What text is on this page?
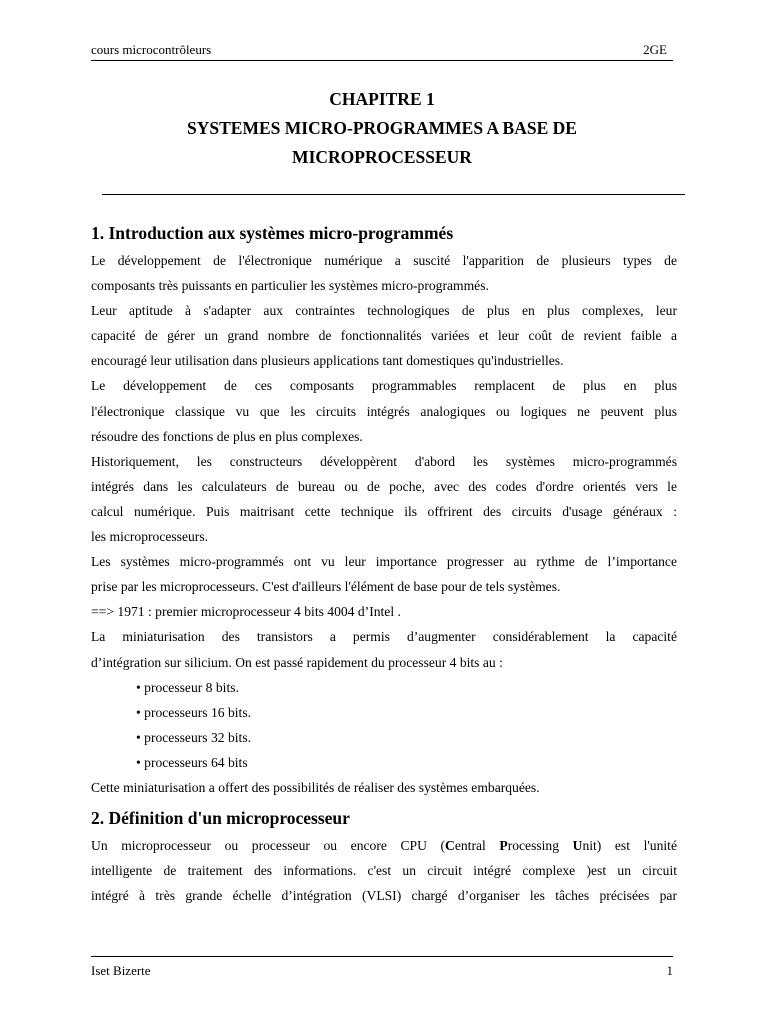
cours microcontrôleurs	2GE
CHAPITRE 1
SYSTEMES MICRO-PROGRAMMES A BASE DE
MICROPROCESSEUR
1. Introduction aux systèmes micro-programmés
Le développement de l'électronique numérique a suscité l'apparition de plusieurs types de
composants très puissants en particulier les systèmes micro-programmés.
Leur aptitude à s'adapter aux contraintes technologiques de plus en plus complexes, leur
capacité de gérer un grand nombre de fonctionnalités variées et leur coût de revient faible a
encouragé leur utilisation dans plusieurs applications tant domestiques qu'industrielles.
Le développement de ces composants programmables remplacent de plus en plus
l'électronique classique vu que les circuits intégrés analogiques ou logiques ne peuvent plus
résoudre des fonctions de plus en plus complexes.
Historiquement, les constructeurs développèrent d'abord les systèmes micro-programmés
intégrés dans les calculateurs de bureau ou de poche, avec des codes d'ordre orientés vers le
calcul numérique. Puis maitrisant cette technique ils offrirent des circuits d'usage généraux :
les microprocesseurs.
Les systèmes micro-programmés ont vu leur importance progresser au rythme de l’importance
prise par les microprocesseurs. C'est d'ailleurs l'élément de base pour de tels systèmes.
==> 1971 : premier microprocesseur 4 bits 4004 d’Intel .
La miniaturisation des transistors a permis d’augmenter considérablement la capacité
d’intégration sur silicium. On est passé rapidement du processeur 4 bits au :
• processeur 8 bits.
• processeurs 16 bits.
• processeurs 32 bits.
• processeurs 64 bits
Cette miniaturisation a offert des possibilités de réaliser des systèmes embarquées.
2. Définition d'un microprocesseur
Un microprocesseur ou processeur ou encore CPU (Central Processing Unit) est l'unité
intelligente de traitement des informations. c'est un circuit intégré complexe )est un circuit
intégré à très grande échelle d’intégration (VLSI) chargé d’organiser les tâches précisées par
Iset Bizerte	1
